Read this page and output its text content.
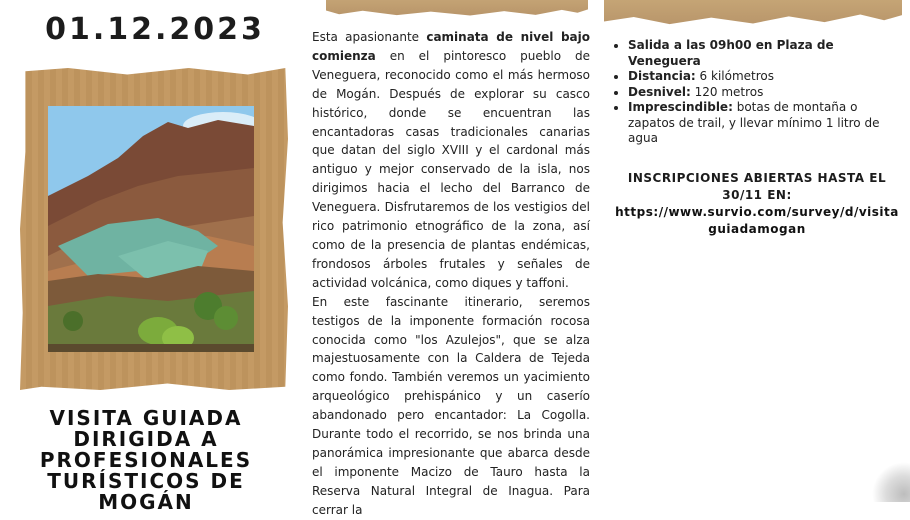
01.12.2023
VISITA GUIADA DIRIGIDA A PROFESIONALES TURÍSTICOS DE MOGÁN

Esta apasionante caminata de nivel bajo comienza en el pintoresco pueblo de Veneguera, reconocido como el más hermoso de Mogán. Después de explorar su casco histórico, donde se encuentran las encantadoras casas tradicionales canarias que datan del siglo XVIII y el cardonal más antiguo y mejor conservado de la isla, nos dirigimos hacia el lecho del Barranco de Veneguera. Disfrutaremos de los vestigios del rico patrimonio etnográfico de la zona, así como de la presencia de plantas endémicas, frondosos árboles frutales y señales de actividad volcánica, como diques y taffoni.

En este fascinante itinerario, seremos testigos de la imponente formación rocosa conocida como "los Azulejos", que se alza majestuosamente con la Caldera de Tejeda como fondo. También veremos un yacimiento arqueológico prehispánico y un caserío abandonado pero encantador: La Cogolla. Durante todo el recorrido, se nos brinda una panorámica impresionante que abarca desde el imponente Macizo de Tauro hasta la Reserva Natural Integral de Inagua. Para cerrar la

• Salida a las 09h00 en Plaza de Veneguera
• Distancia: 6 kilómetros
• Desnivel: 120 metros
• Imprescindible: botas de montaña o zapatos de trail, y llevar mínimo 1 litro de agua
INSCRIPCIONES ABIERTAS HASTA EL 30/11 EN:
https://www.survio.com/survey/d/visitaguiadamogan
